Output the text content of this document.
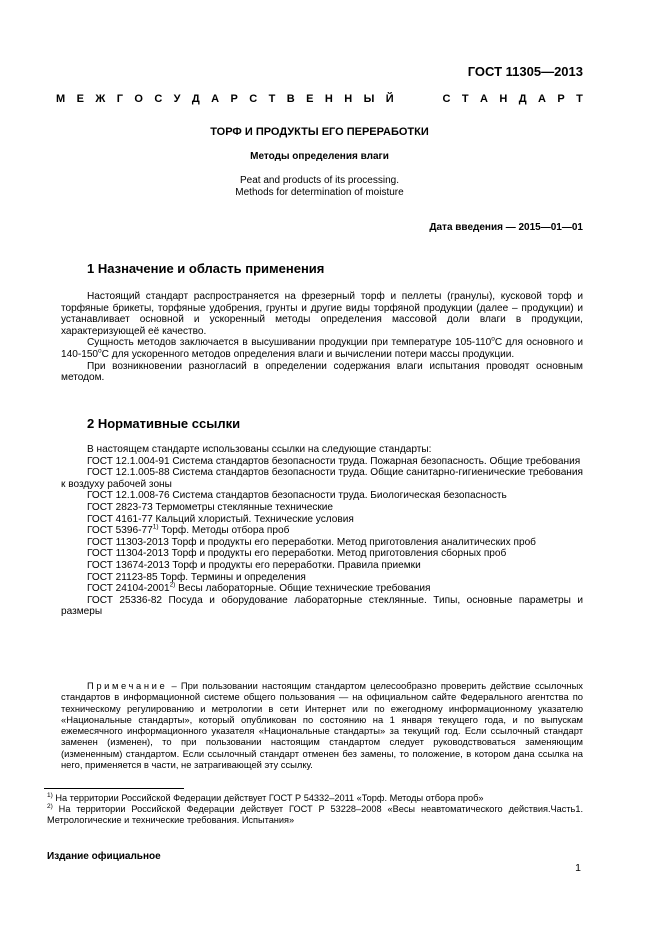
ГОСТ 11305—2013
М Е Ж Г О С У Д А Р С Т В Е Н Н Ы Й	С Т А Н Д А Р Т
ТОРФ И ПРОДУКТЫ ЕГО ПЕРЕРАБОТКИ
Методы определения влаги
Peat and products of its processing.
Methods for determination of moisture
Дата введения — 2015—01—01
1 Назначение и область применения

Настоящий стандарт распространяется на фрезерный торф и пеллеты (гранулы), кусковой торф и торфяные брикеты, торфяные удобрения, грунты и другие виды торфяной продукции (далее – продукции) и устанавливает основной и ускоренный методы определения массовой доли влаги в продукции, характеризующей её качество.

Сущность методов заключается в высушивании продукции при температуре $105-110^оС$ для основного и $140-150^оС$ для ускоренного методов определения влаги и вычислении потери массы продукции.

При возникновении разногласий в определении содержания влаги испытания проводят основным методом.

2 Нормативные ссылки

В настоящем стандарте использованы ссылки на следующие стандарты:

ГОСТ 12.1.004-91 Система стандартов безопасности труда. Пожарная безопасность. Общие требования

ГОСТ 12.1.005-88 Система стандартов безопасности труда. Общие санитарно-гигиенические требования к воздуху рабочей зоны

ГОСТ 12.1.008-76 Система стандартов безопасности труда. Биологическая безопасность

ГОСТ 2823-73 Термометры стеклянные технические

ГОСТ 4161-77 Кальций хлористый. Технические условия

ГОСТ 5396-77$^{1)}$ Торф. Методы отбора проб

ГОСТ 11303-2013 Торф и продукты его переработки. Метод приготовления аналитических проб

ГОСТ 11304-2013 Торф и продукты его переработки. Метод приготовления сборных проб

ГОСТ 13674-2013 Торф и продукты его переработки. Правила приемки

ГОСТ 21123-85 Торф. Термины и определения

ГОСТ 24104-2001$^{2)}$ Весы лабораторные. Общие технические требования

ГОСТ 25336-82 Посуда и оборудование лабораторные стеклянные. Типы, основные параметры и размеры

Примечание – При пользовании настоящим стандартом целесообразно проверить действие ссылочных стандартов в информационной системе общего пользования — на официальном сайте Федерального агентства по техническому регулированию и метрологии в сети Интернет или по ежегодному информационному указателю «Национальные стандарты», который опубликован по состоянию на 1 января текущего года, и по выпускам ежемесячного информационного указателя «Национальные стандарты» за текущий год. Если ссылочный стандарт заменен (изменен), то при пользовании настоящим стандартом следует руководствоваться заменяющим (измененным) стандартом. Если ссылочный стандарт отменен без замены, то положение, в котором дана ссылка на него, применяется в части, не затрагивающей эту ссылку.

$^{1)}$ На территории Российской Федерации действует ГОСТ Р 54332–2011 «Торф. Методы отбора проб»

$^{2)}$ На территории Российской Федерации действует ГОСТ Р 53228–2008 «Весы неавтоматического действия.Часть1. Метрологические и технические требования. Испытания»

Издание официальное
1
